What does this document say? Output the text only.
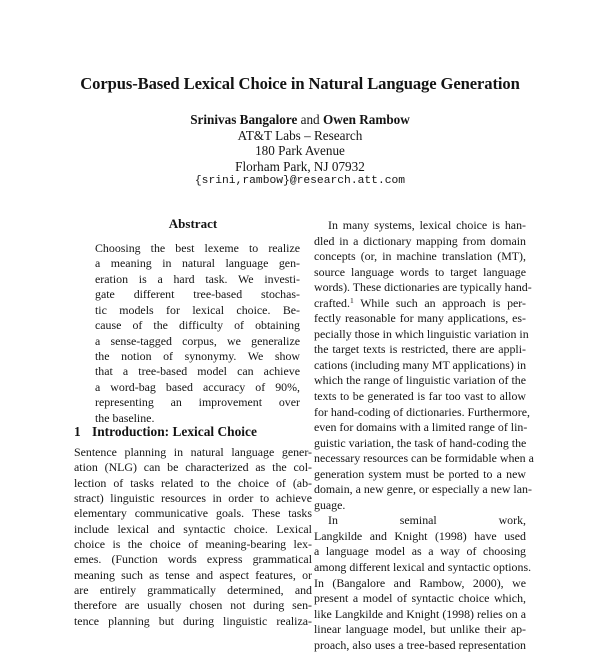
Corpus-Based Lexical Choice in Natural Language Generation
Srinivas Bangalore and Owen Rambow
AT&T Labs – Research
180 Park Avenue
Florham Park, NJ 07932
{srini,rambow}@research.att.com
Abstract
Choosing the best lexeme to realize
a meaning in natural language gen-
eration is a hard task. We investi-
gate different tree-based stochas-
tic models for lexical choice. Be-
cause of the difficulty of obtaining
a sense-tagged corpus, we generalize
the notion of synonymy. We show
that a tree-based model can achieve
a word-bag based accuracy of 90%,
representing an improvement over
the baseline.
1 Introduction: Lexical Choice
Sentence planning in natural language gener-
ation (NLG) can be characterized as the col-
lection of tasks related to the choice of (ab-
stract) linguistic resources in order to achieve
elementary communicative goals. These tasks
include lexical and syntactic choice. Lexical
choice is the choice of meaning-bearing lex-
emes. (Function words express grammatical
meaning such as tense and aspect features, or
are entirely grammatically determined, and
therefore are usually chosen not during sen-
tence planning but during linguistic realiza-
In many systems, lexical choice is han-
dled in a dictionary mapping from domain
concepts (or, in machine translation (MT),
source language words to target language
words). These dictionaries are typically hand-
crafted.$^1$ While such an approach is per-
fectly reasonable for many applications, es-
pecially those in which linguistic variation in
the target texts is restricted, there are appli-
cations (including many MT applications) in
which the range of linguistic variation of the
texts to be generated is far too vast to allow
for hand-coding of dictionaries. Furthermore,
even for domains with a limited range of lin-
guistic variation, the task of hand-coding the
necessary resources can be formidable when a
generation system must be ported to a new
domain, a new genre, or especially a new lan-
guage.
In	seminal	work,
Langkilde and Knight (1998) have used
a language model as a way of choosing
among different lexical and syntactic options.
In (Bangalore and Rambow, 2000), we
present a model of syntactic choice which,
like Langkilde and Knight (1998) relies on a
linear language model, but unlike their ap-
proach, also uses a tree-based representation
